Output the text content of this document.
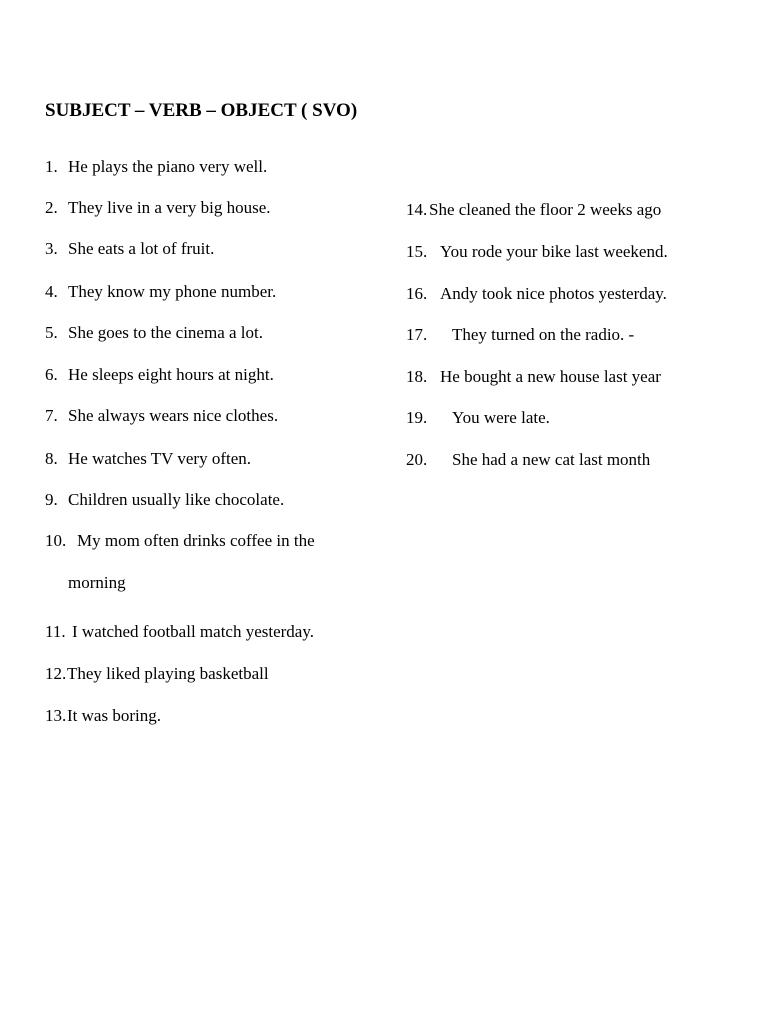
SUBJECT – VERB – OBJECT ( SVO)
1. He plays the piano very well.
2. They live in a very big house.
3. She eats a lot of fruit.
4. They know my phone number.
5. She goes to the cinema a lot.
6. He sleeps eight hours at night.
7. She always wears nice clothes.
8. He watches TV very often.
9. Children usually like chocolate.
10. My mom often drinks coffee in the
morning
11. I watched football match yesterday.
12.They liked playing basketball
13.It was boring.
14. She cleaned the floor 2 weeks ago
15. You rode your bike last weekend.
16. Andy took nice photos yesterday.
17. They turned on the radio. -
18. He bought a new house last year
19. You were late.
20. She had a new cat last month
